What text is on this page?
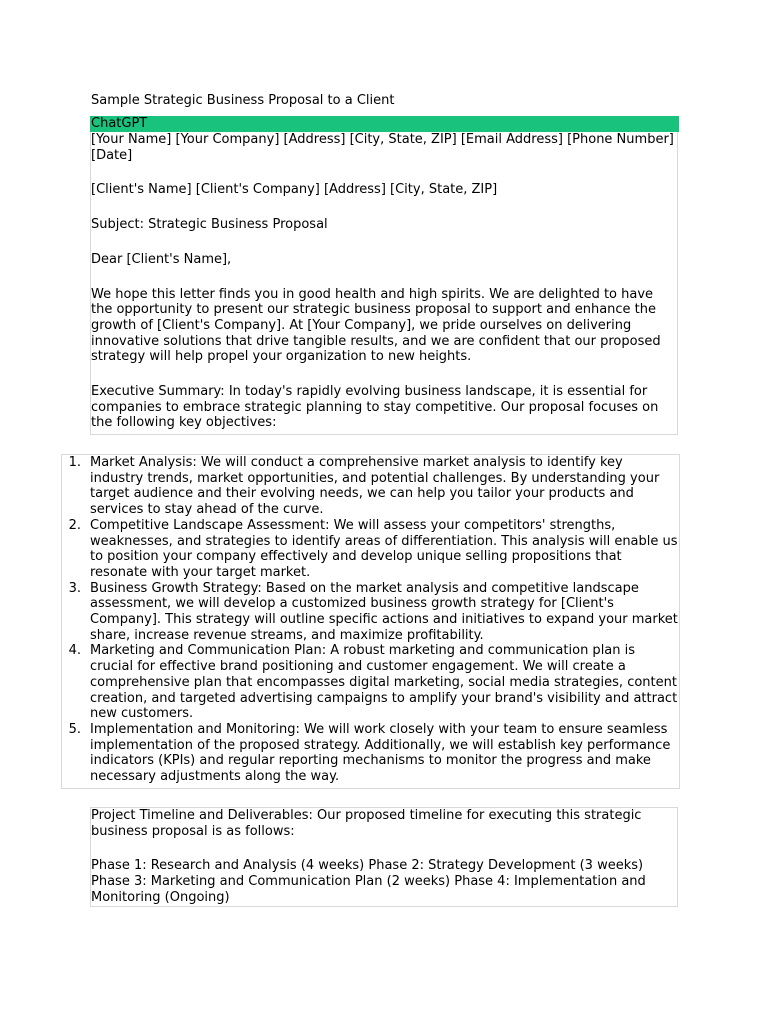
Sample Strategic Business Proposal to a Client
ChatGPT

[Your Name] [Your Company] [Address] [City, State, ZIP] [Email Address] [Phone Number] [Date]

[Client's Name] [Client's Company] [Address] [City, State, ZIP]

Subject: Strategic Business Proposal

Dear [Client's Name],

We hope this letter finds you in good health and high spirits. We are delighted to have the opportunity to present our strategic business proposal to support and enhance the growth of [Client's Company]. At [Your Company], we pride ourselves on delivering innovative solutions that drive tangible results, and we are confident that our proposed strategy will help propel your organization to new heights.

Executive Summary: In today's rapidly evolving business landscape, it is essential for companies to embrace strategic planning to stay competitive. Our proposal focuses on the following key objectives:

1. Market Analysis: We will conduct a comprehensive market analysis to identify key industry trends, market opportunities, and potential challenges. By understanding your target audience and their evolving needs, we can help you tailor your products and services to stay ahead of the curve.
2. Competitive Landscape Assessment: We will assess your competitors' strengths, weaknesses, and strategies to identify areas of differentiation. This analysis will enable us to position your company effectively and develop unique selling propositions that resonate with your target market.
3. Business Growth Strategy: Based on the market analysis and competitive landscape assessment, we will develop a customized business growth strategy for [Client's Company]. This strategy will outline specific actions and initiatives to expand your market share, increase revenue streams, and maximize profitability.
4. Marketing and Communication Plan: A robust marketing and communication plan is crucial for effective brand positioning and customer engagement. We will create a comprehensive plan that encompasses digital marketing, social media strategies, content creation, and targeted advertising campaigns to amplify your brand's visibility and attract new customers.
5. Implementation and Monitoring: We will work closely with your team to ensure seamless implementation of the proposed strategy. Additionally, we will establish key performance indicators (KPIs) and regular reporting mechanisms to monitor the progress and make necessary adjustments along the way.

Project Timeline and Deliverables: Our proposed timeline for executing this strategic business proposal is as follows:

Phase 1: Research and Analysis (4 weeks) Phase 2: Strategy Development (3 weeks) Phase 3: Marketing and Communication Plan (2 weeks) Phase 4: Implementation and Monitoring (Ongoing)
